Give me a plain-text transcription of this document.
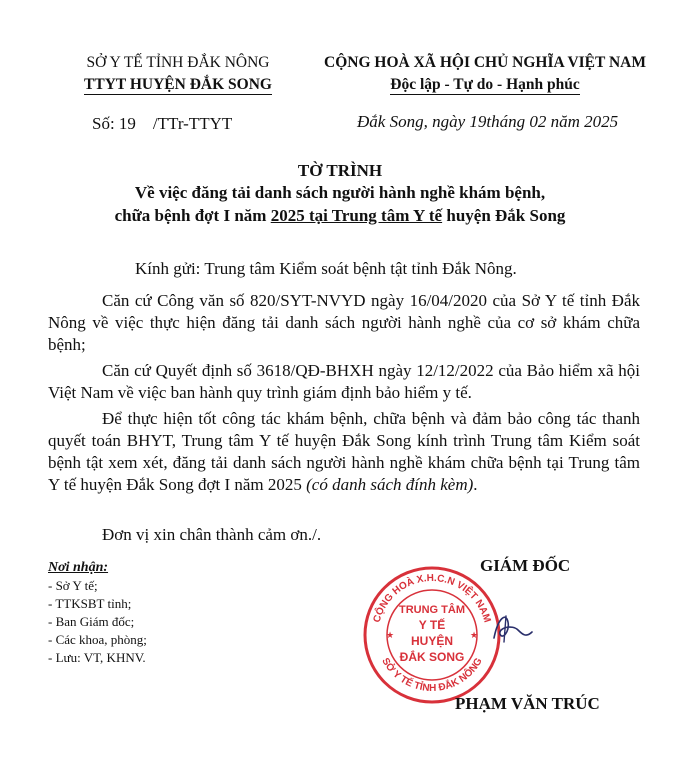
SỞ Y TẾ TỈNH ĐẮK NÔNG
TTYT HUYỆN ĐẮK SONG
CỘNG HOÀ XÃ HỘI CHỦ NGHĨA VIỆT NAM
Độc lập - Tự do - Hạnh phúc
Số: 19    /TTr-TTYT	Đắk Song, ngày 19tháng 02 năm 2025
TỜ TRÌNH
Về việc đăng tải danh sách người hành nghề khám bệnh,
chữa bệnh đợt I năm 2025 tại Trung tâm Y tế huyện Đắk Song
Kính gửi: Trung tâm Kiểm soát bệnh tật tỉnh Đắk Nông.
Căn cứ Công văn số 820/SYT-NVYD ngày 16/04/2020 của Sở Y tế tỉnh Đắk Nông về việc thực hiện đăng tải danh sách người hành nghề của cơ sở khám chữa bệnh;
Căn cứ Quyết định số 3618/QĐ-BHXH ngày 12/12/2022 của Bảo hiểm xã hội Việt Nam về việc ban hành quy trình giám định bảo hiểm y tế.
Để thực hiện tốt công tác khám bệnh, chữa bệnh và đảm bảo công tác thanh quyết toán BHYT, Trung tâm Y tế huyện Đắk Song kính trình Trung tâm Kiểm soát bệnh tật xem xét, đăng tải danh sách người hành nghề khám chữa bệnh tại Trung tâm Y tế huyện Đắk Song đợt I năm 2025 (có danh sách đính kèm).
Đơn vị xin chân thành cảm ơn./.
Nơi nhận:
- Sở Y tế;
- TTKSBT tỉnh;
- Ban Giám đốc;
- Các khoa, phòng;
- Lưu: VT, KHNV.
GIÁM ĐỐC
CỘNG HOÀ X.H.C.N VIỆT NAM
SỞ Y TẾ TỈNH ĐẮK NÔNG
★	★
TRUNG TÂM
Y TẾ
HUYỆN
ĐẮK SONG
PHẠM VĂN TRÚC
